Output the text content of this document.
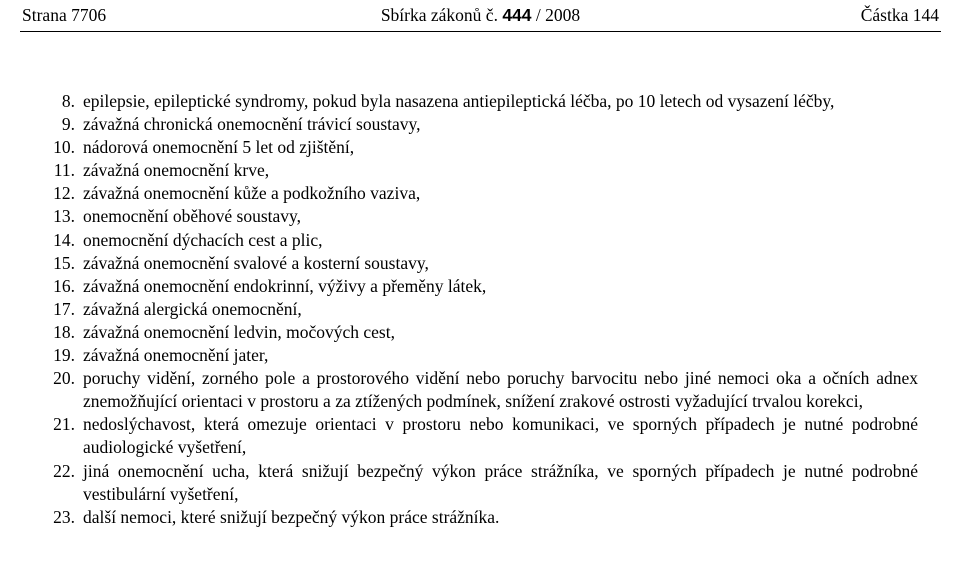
Strana 7706	Sbírka zákonů č. 444 / 2008	Částka 144
8. epilepsie, epileptické syndromy, pokud byla nasazena antiepileptická léčba, po 10 letech od vysazení léčby,
9. závažná chronická onemocnění trávicí soustavy,
10. nádorová onemocnění 5 let od zjištění,
11. závažná onemocnění krve,
12. závažná onemocnění kůže a podkožního vaziva,
13. onemocnění oběhové soustavy,
14. onemocnění dýchacích cest a plic,
15. závažná onemocnění svalové a kosterní soustavy,
16. závažná onemocnění endokrinní, výživy a přeměny látek,
17. závažná alergická onemocnění,
18. závažná onemocnění ledvin, močových cest,
19. závažná onemocnění jater,
20. poruchy vidění, zorného pole a prostorového vidění nebo poruchy barvocitu nebo jiné nemoci oka a očních adnex znemožňující orientaci v prostoru a za ztížených podmínek, snížení zrakové ostrosti vyžadující trvalou korekci,
21. nedoslýchavost, která omezuje orientaci v prostoru nebo komunikaci, ve sporných případech je nutné podrobné audiologické vyšetření,
22. jiná onemocnění ucha, která snižují bezpečný výkon práce strážníka, ve sporných případech je nutné podrobné vestibulární vyšetření,
23. další nemoci, které snižují bezpečný výkon práce strážníka.
